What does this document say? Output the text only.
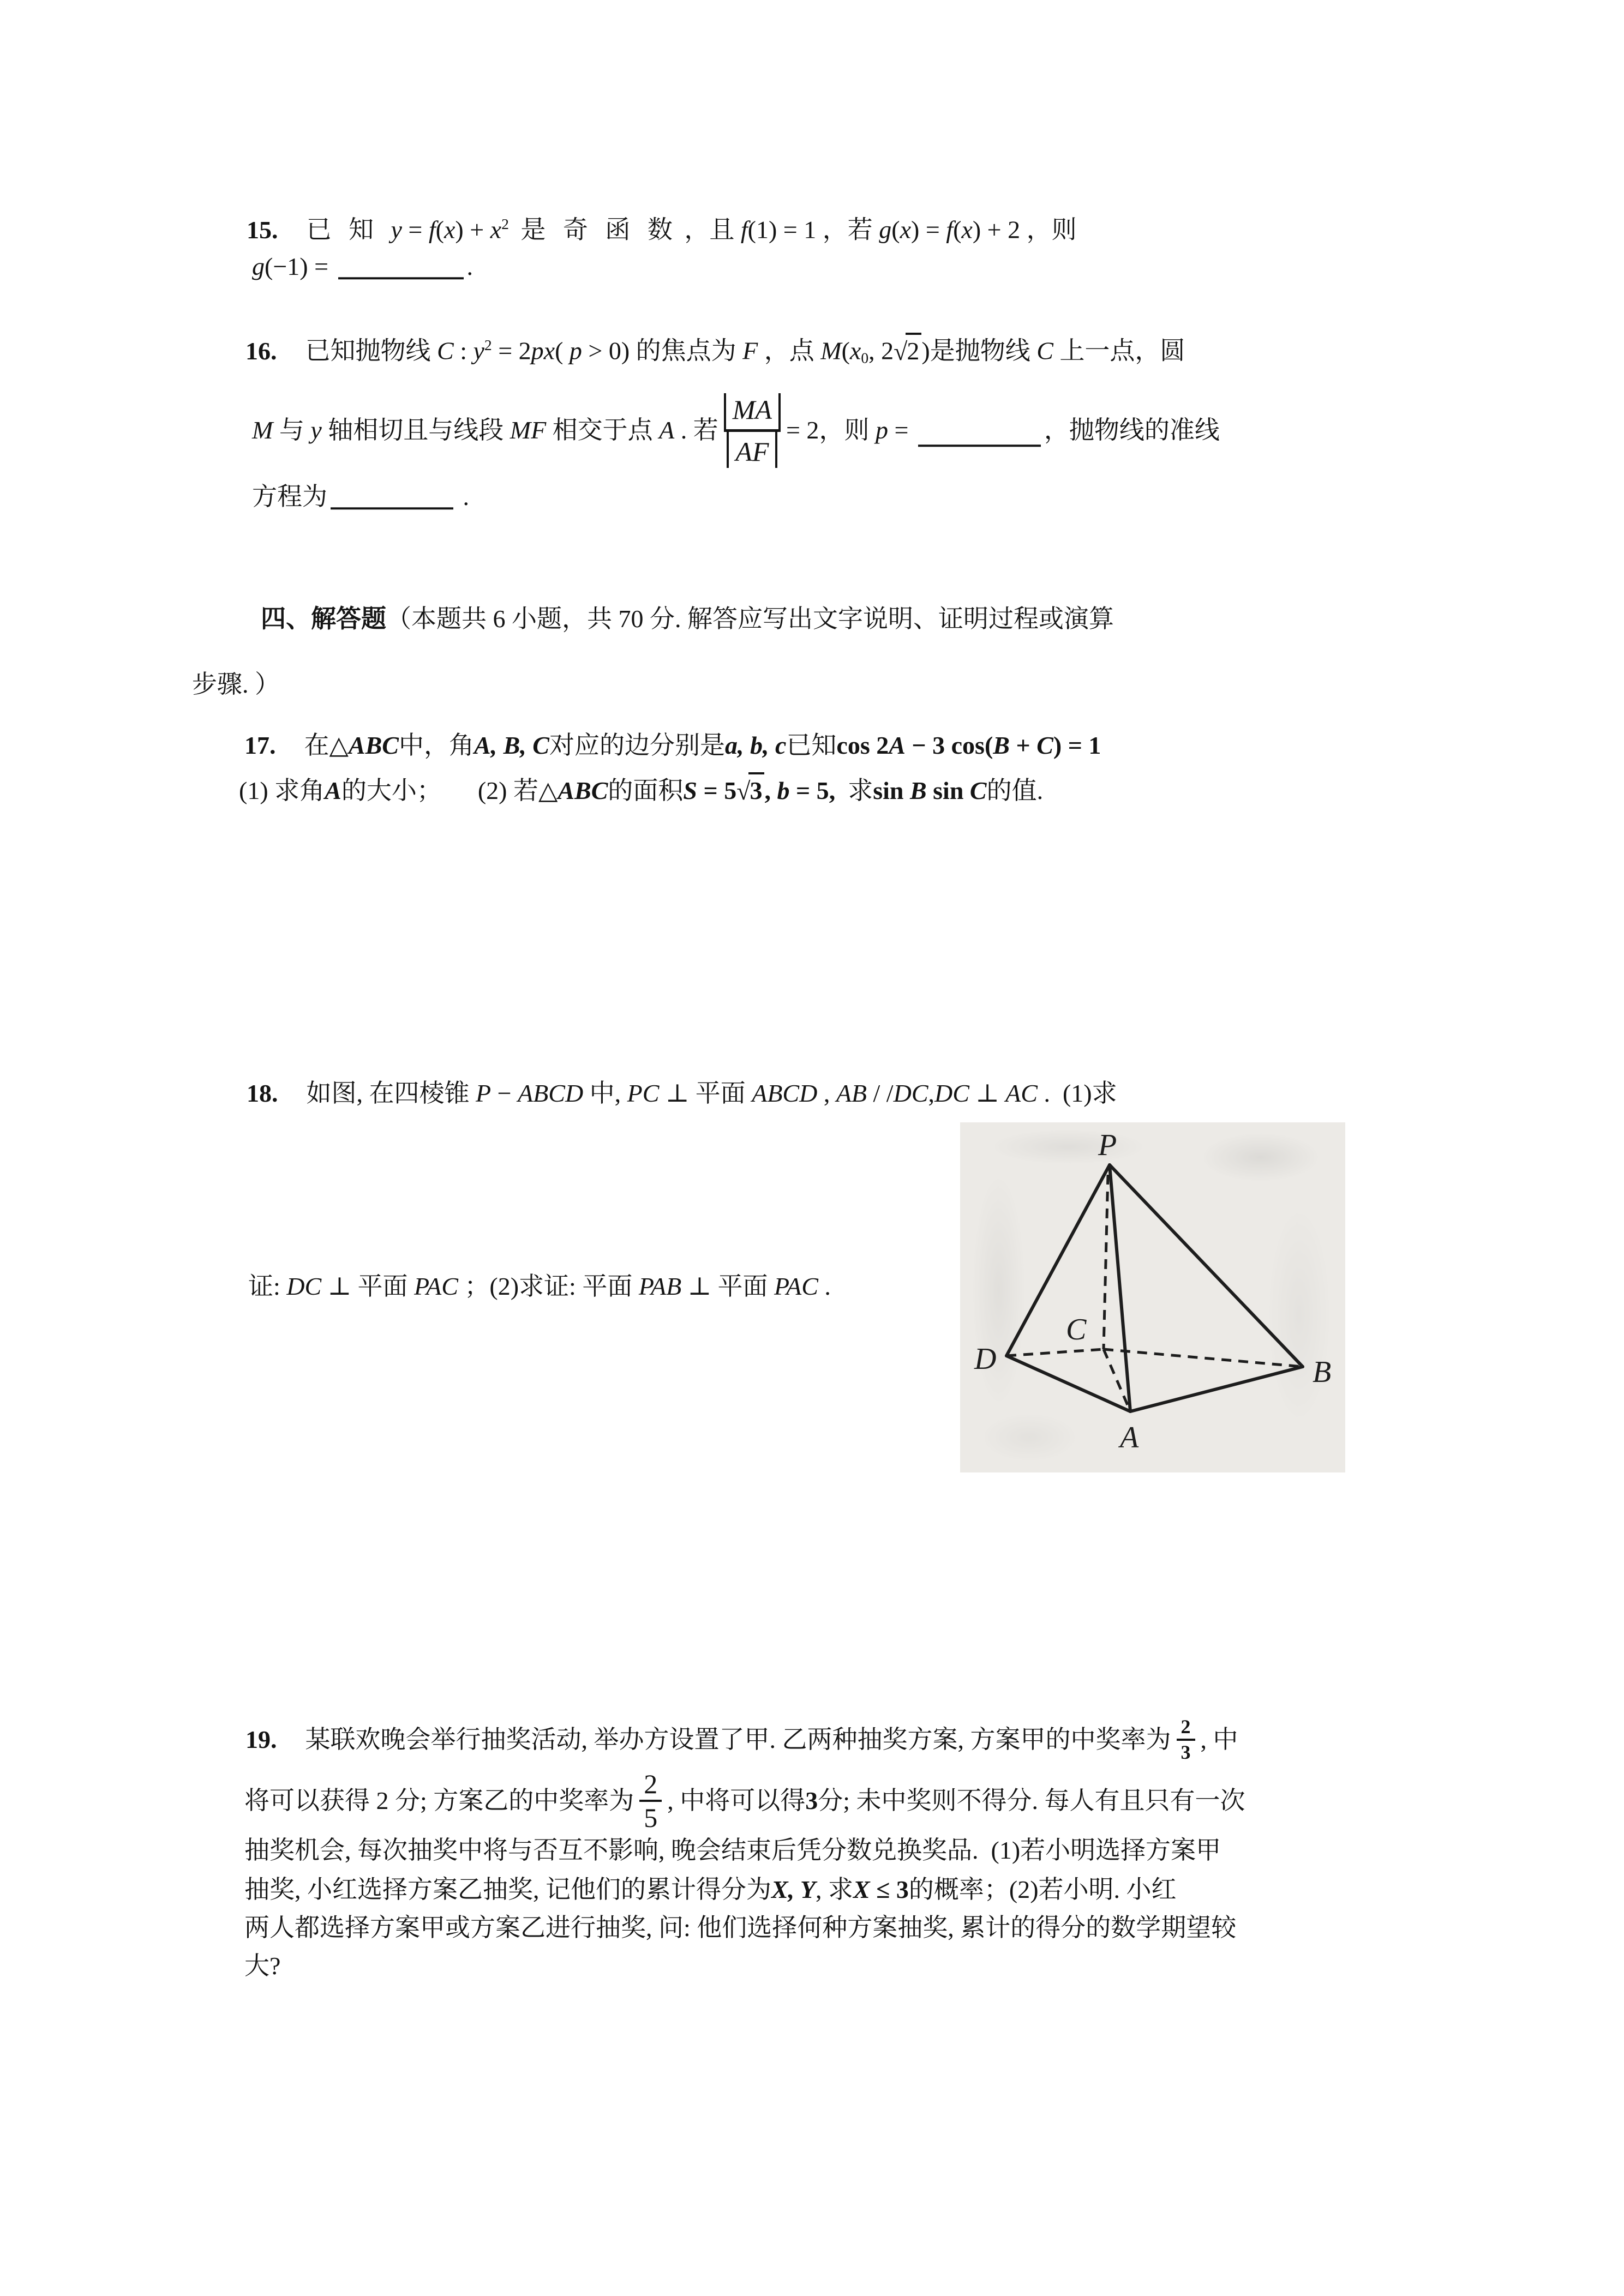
15. 已 知 $y = f(x) + x^2$ 是 奇 函 数 ，且 f(1) = 1 ，若 g(x) = f(x) + 2 ，则
g(−1) =	.
16. 已知抛物线 C : $y^2 = 2px$( p > 0) 的焦点为 F ，点 $M(x_0$, 2√2)是抛物线 C 上一点，圆
M 与 y 轴相切且与线段 MF 相交于点 A . 若 $\frac{MA}{AF} = 2$ ，则 p =	，抛物线的准线
方程为	.
四、解答题（本题共 6 小题，共 70 分. 解答应写出文字说明、证明过程或演算
步骤. ）
17. 在△ABC中，角A, B, C对应的边分别是a, b, c已知cos 2A − 3 cos(B + C) = 1
(1) 求角A的大小； (2) 若△ABC的面积S = 5√3, b = 5,  求sin B sin C的值.
18. 如图, 在四棱锥 P − ABCD 中, PC ⊥ 平面 ABCD , AB / /DC,DC ⊥ AC .  (1)求
证: DC ⊥ 平面 PAC ；(2)求证: 平面 PAB ⊥ 平面 PAC .
P
D
C
B
A
19. 某联欢晚会举行抽奖活动, 举办方设置了甲. 乙两种抽奖方案, 方案甲的中奖率为 $\frac{2}{3}$ , 中
将可以获得 2 分; 方案乙的中奖率为 $\frac{2}{5}$ , 中将可以得 3 分; 未中奖则不得分. 每人有且只有一次
抽奖机会, 每次抽奖中将与否互不影响, 晚会结束后凭分数兑换奖品.  (1)若小明选择方案甲
抽奖, 小红选择方案乙抽奖, 记他们的累计得分为X, Y, 求X ≤ 3的概率；(2)若小明. 小红
两人都选择方案甲或方案乙进行抽奖, 问: 他们选择何种方案抽奖, 累计的得分的数学期望较
大?
